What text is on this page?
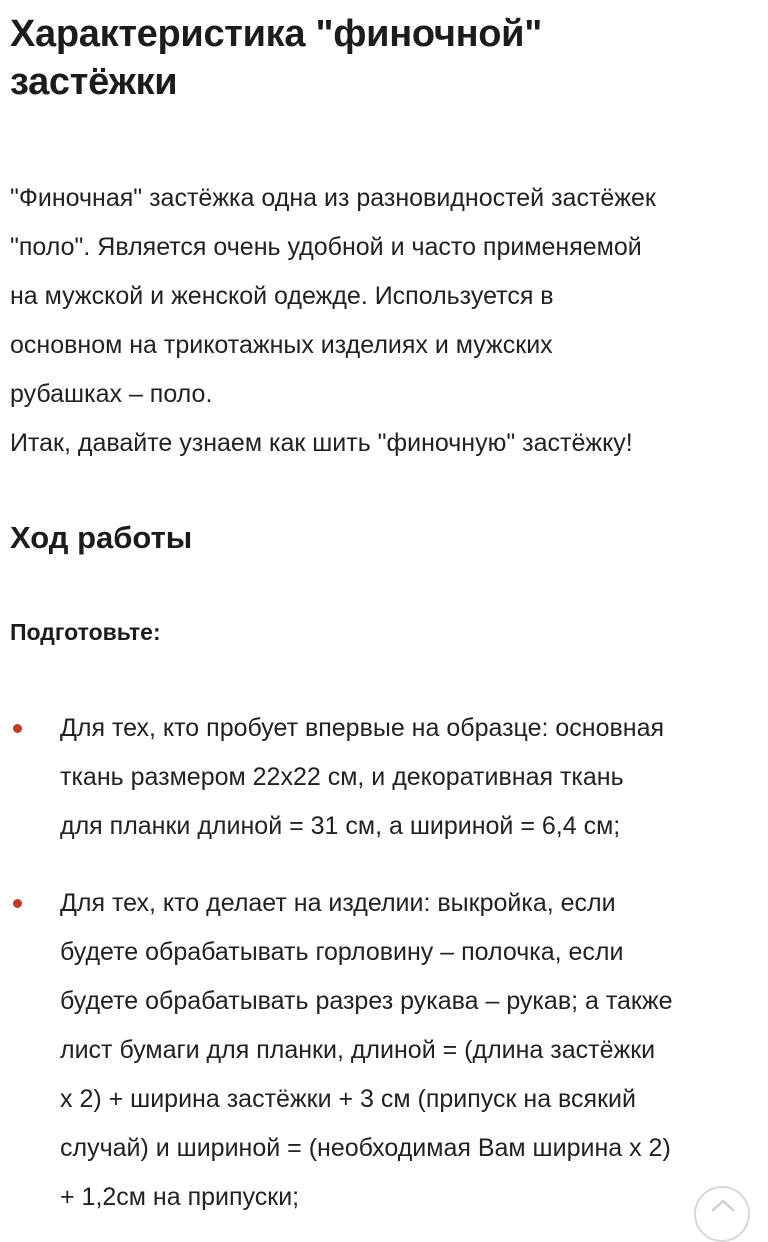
Характеристика "финочной"
застёжки
"Финочная" застёжка одна из разновидностей застёжек
"поло". Является очень удобной и часто применяемой
на мужской и женской одежде. Используется в
основном на трикотажных изделиях и мужских
рубашках – поло.
Итак, давайте узнаем как шить "финочную" застёжку!
Ход работы
Подготовьте:
Для тех, кто пробует впервые на образце: основная
ткань размером 22х22 см, и декоративная ткань
для планки длиной = 31 см, а шириной = 6,4 см;
Для тех, кто делает на изделии: выкройка, если
будете обрабатывать горловину – полочка, если
будете обрабатывать разрез рукава – рукав; а также
лист бумаги для планки, длиной = (длина застёжки
х 2) + ширина застёжки + 3 см (припуск на всякий
случай) и шириной = (необходимая Вам ширина х 2)
+ 1,2см на припуски;
